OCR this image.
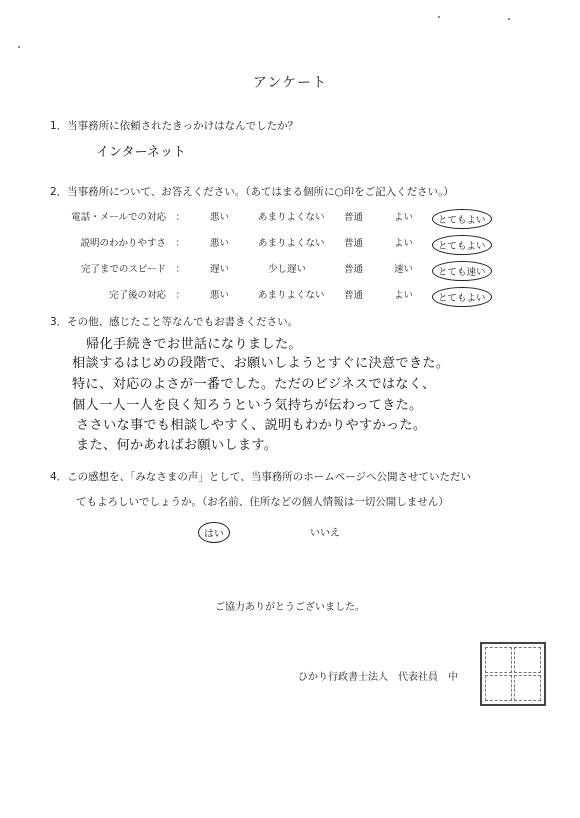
アンケート
1．当事務所に依頼されたきっかけはなんでしたか？
インターネット
2．当事務所について、お答えください。（あてはまる個所に○印をご記入ください。）
電話・メールでの対応　：	悪い	あまりよくない 普通	よい	とてもよい
説明のわかりやすさ　：	悪い	あまりよくない 普通	よい	とてもよい
完了までのスピード　：	遅い	少し遅い	普通	速い	とても速い
完了後の対応　：	悪い	あまりよくない 普通	よい	とてもよい
3．その他、感じたこと等なんでもお書きください。
帰化手続きでお世話になりました。
相談するはじめの段階で、お願いしようとすぐに決意できた。
特に、対応のよさが一番でした。ただのビジネスではなく、
個人一人一人を良く知ろうという気持ちが伝わってきた。
ささいな事でも相談しやすく、説明もわかりやすかった。
また、何かあればお願いします。
4．この感想を、「みなさまの声」として、当事務所のホームページへ公開させていただい
てもよろしいでしょうか。（お名前、住所などの個人情報は一切公開しません）
はい	いいえ
ご協力ありがとうございました。
ひかり行政書士法人　代表社員　中
